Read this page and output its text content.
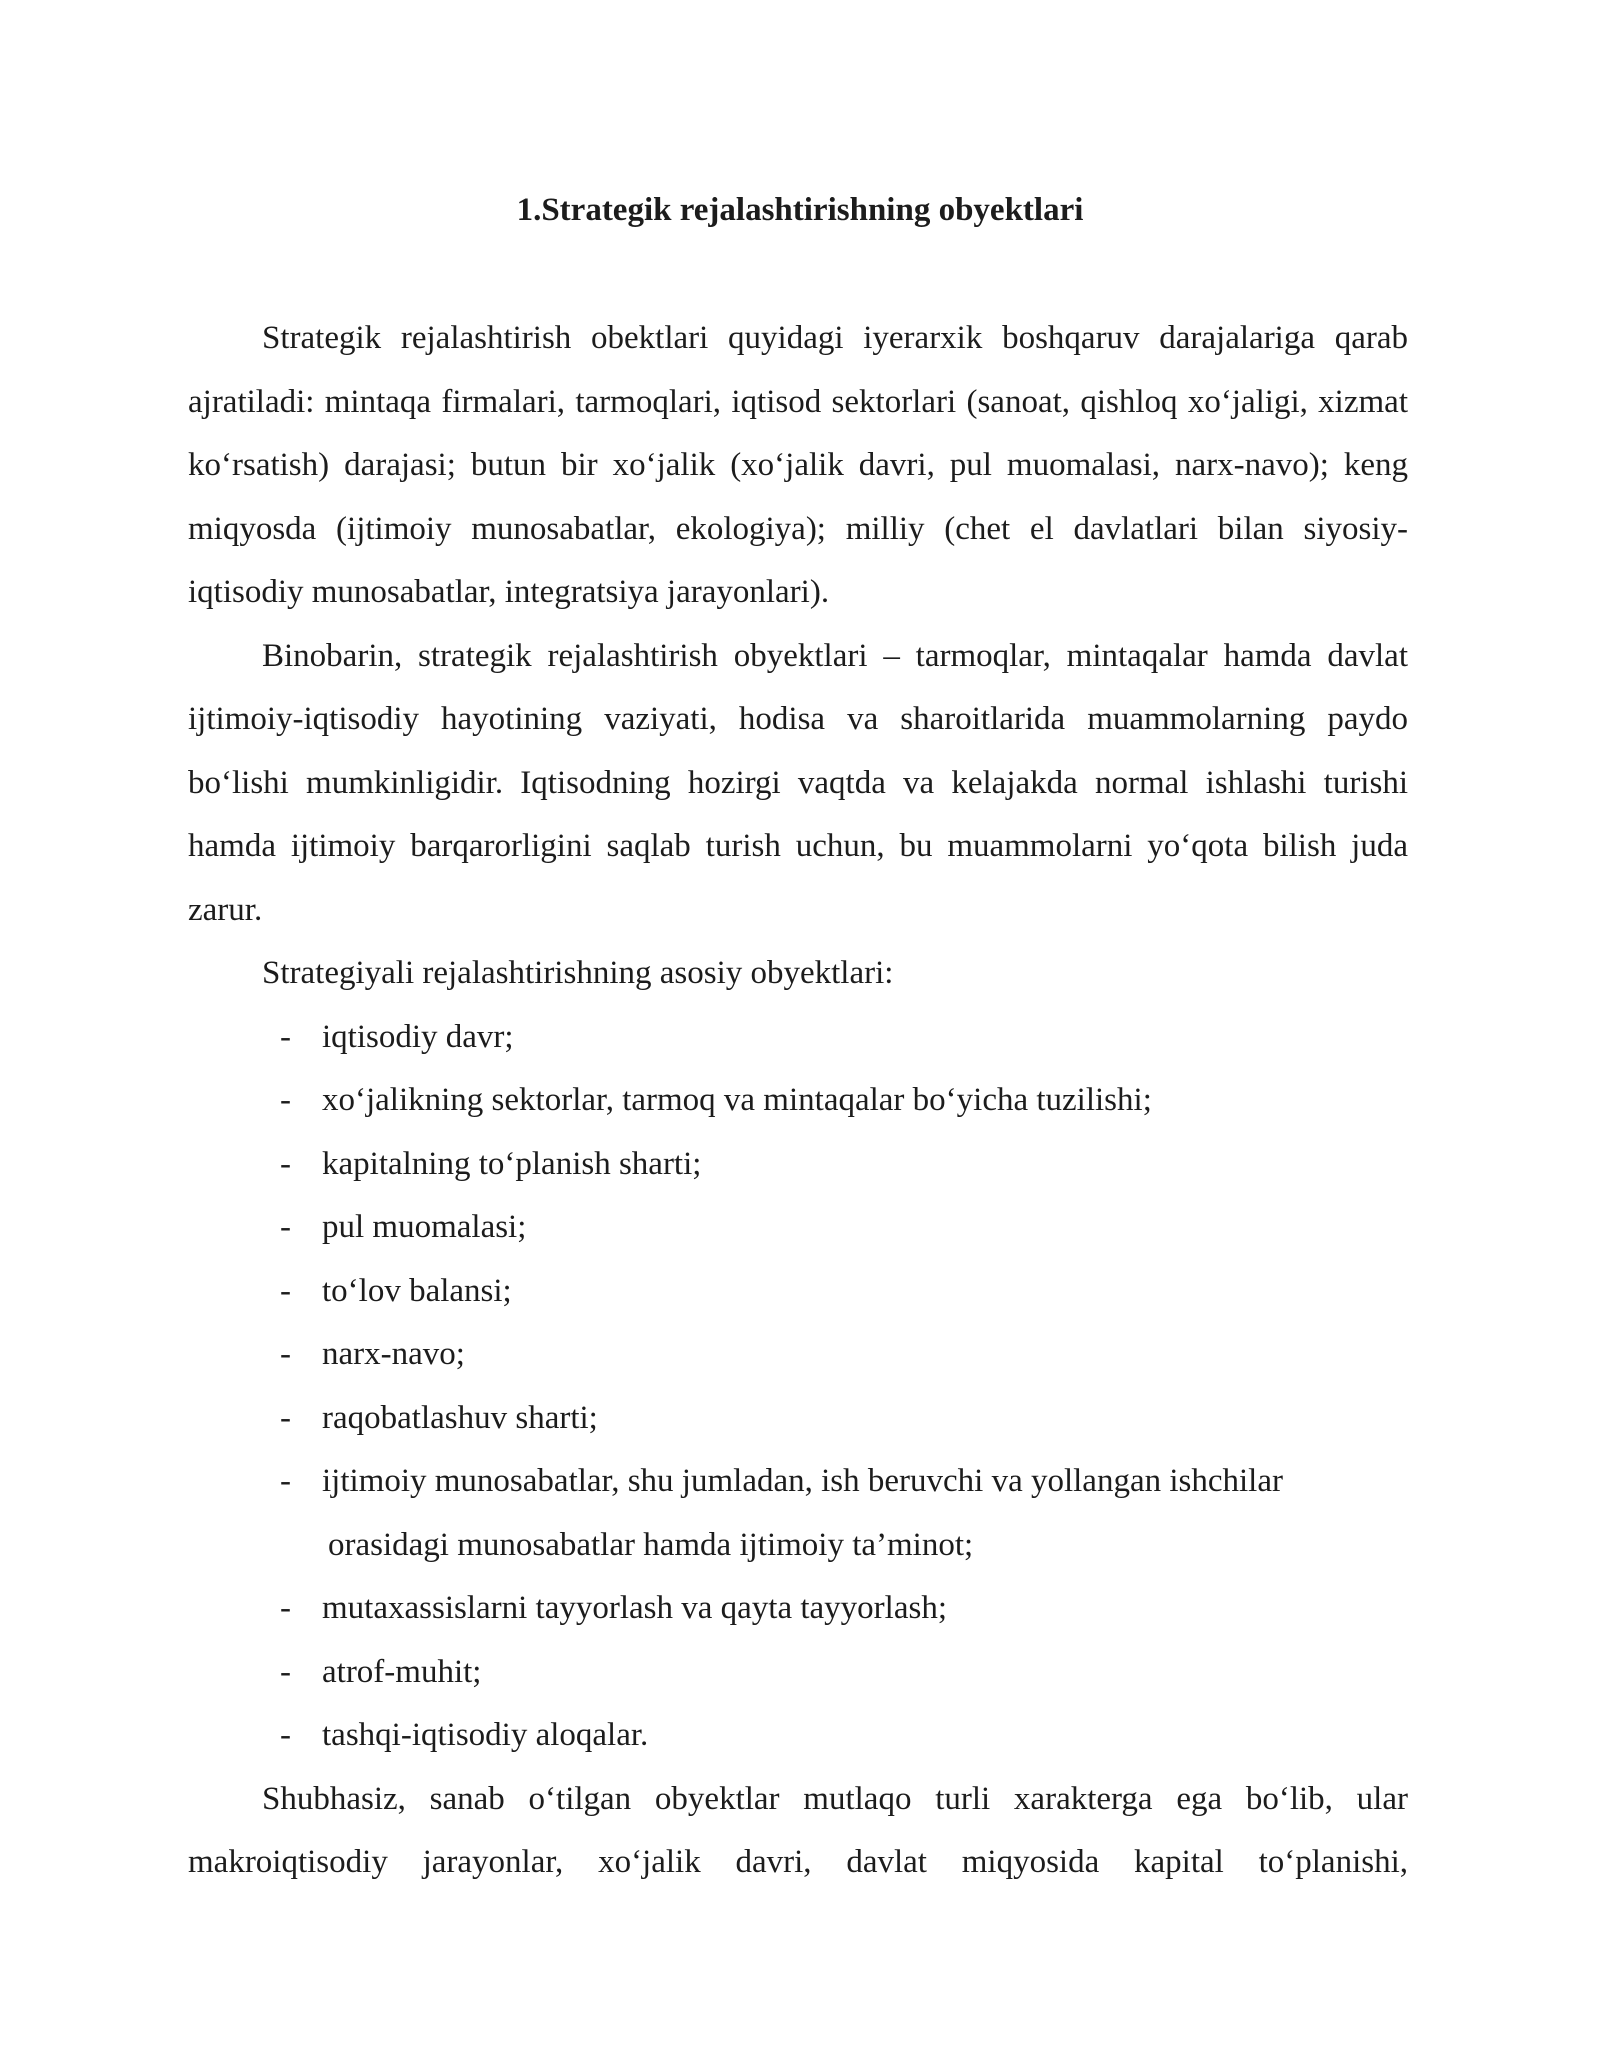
1.Strategik rejalashtirishning obyektlari

Strategik rejalashtirish obektlari quyidagi iyerarxik boshqaruv darajalariga qarab ajratiladi: mintaqa firmalari, tarmoqlari, iqtisod sektorlari (sanoat, qishloq xo‘jaligi, xizmat ko‘rsatish) darajasi; butun bir xo‘jalik (xo‘jalik davri, pul muomalasi, narx-navo); keng miqyosda (ijtimoiy munosabatlar, ekologiya); milliy (chet el davlatlari bilan siyosiy-iqtisodiy munosabatlar, integratsiya jarayonlari).

Binobarin, strategik rejalashtirish obyektlari – tarmoqlar, mintaqalar hamda davlat ijtimoiy-iqtisodiy hayotining vaziyati, hodisa va sharoitlarida muammolarning paydo bo‘lishi mumkinligidir. Iqtisodning hozirgi vaqtda va kelajakda normal ishlashi turishi hamda ijtimoiy barqarorligini saqlab turish uchun, bu muammolarni yo‘qota bilish juda zarur.

Strategiyali rejalashtirishning asosiy obyektlari:

- iqtisodiy davr;
- xo‘jalikning sektorlar, tarmoq va mintaqalar bo‘yicha tuzilishi;
- kapitalning to‘planish sharti;
- pul muomalasi;
- to‘lov balansi;
- narx-navo;
- raqobatlashuv sharti;
- ijtimoiy munosabatlar, shu jumladan, ish beruvchi va yollangan ishchilar
orasidagi munosabatlar hamda ijtimoiy ta’minot;
- mutaxassislarni tayyorlash va qayta tayyorlash;
- atrof-muhit;
- tashqi-iqtisodiy aloqalar.

Shubhasiz, sanab o‘tilgan obyektlar mutlaqo turli xarakterga ega bo‘lib, ular makroiqtisodiy jarayonlar, xo‘jalik davri, davlat miqyosida kapital to‘planishi,
